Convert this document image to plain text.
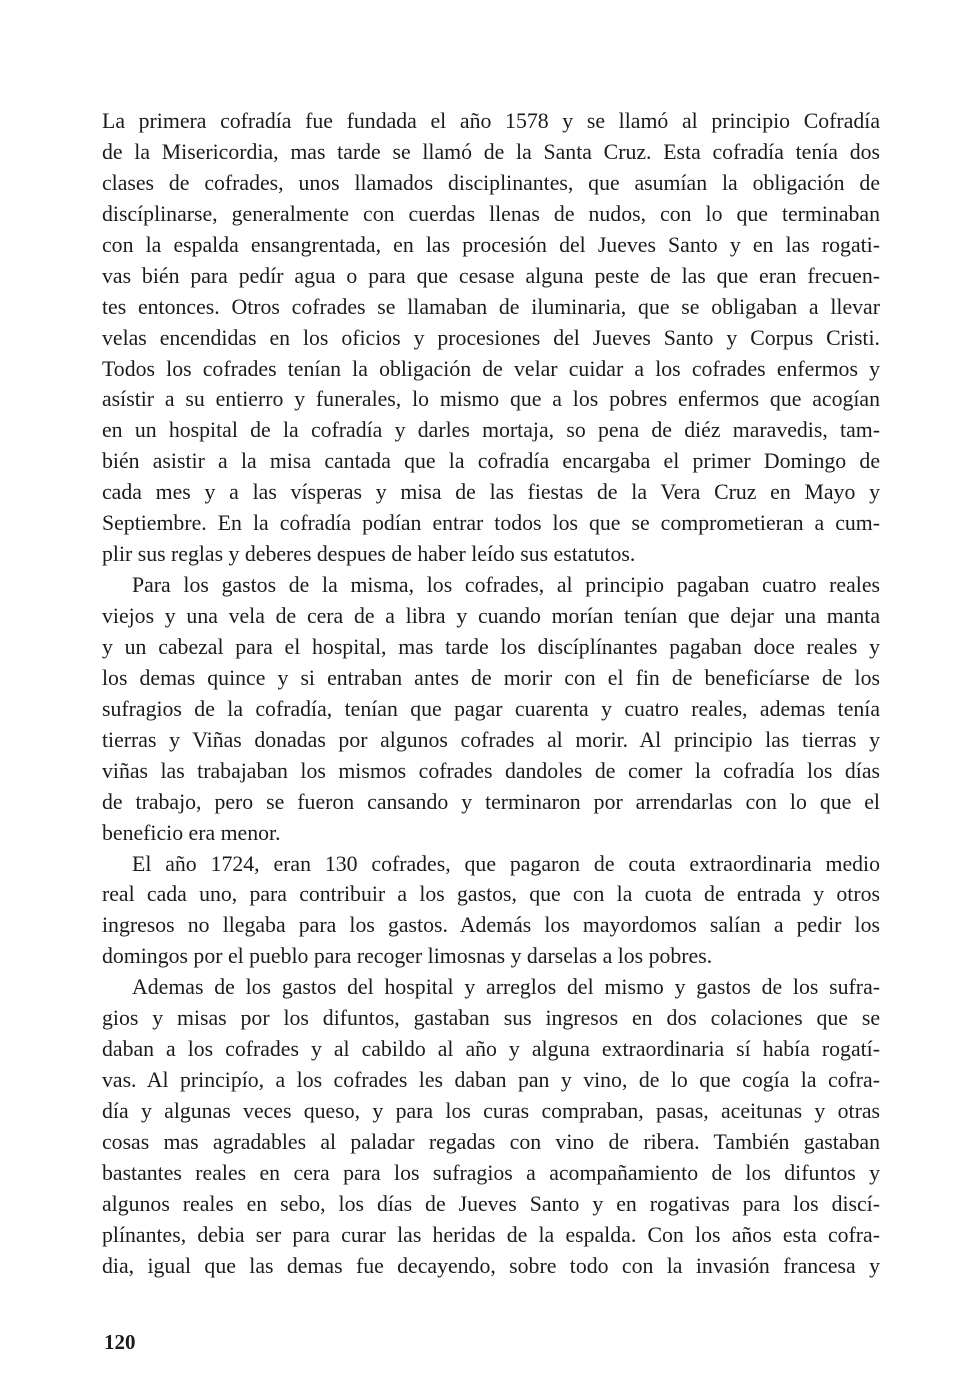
La primera cofradía fue fundada el año 1578 y se llamó al principio Cofradía
de la Misericordia, mas tarde se llamó de la Santa Cruz. Esta cofradía tenía dos
clases de cofrades, unos llamados disciplinantes, que asumían la obligación de
discíplinarse, generalmente con cuerdas llenas de nudos, con lo que terminaban
con la espalda ensangrentada, en las procesión del Jueves Santo y en las rogati-
vas bién para pedír agua o para que cesase alguna peste de las que eran frecuen-
tes entonces. Otros cofrades se llamaban de iluminaria, que se obligaban a llevar
velas encendidas en los oficios y procesiones del Jueves Santo y Corpus Cristi.
Todos los cofrades tenían la obligación de velar cuidar a los cofrades enfermos y
asístir a su entierro y funerales, lo mismo que a los pobres enfermos que acogían
en un hospital de la cofradía y darles mortaja, so pena de diéz maravedis, tam-
bién asistir a la misa cantada que la cofradía encargaba el primer Domingo de
cada mes y a las vísperas y misa de las fiestas de la Vera Cruz en Mayo y
Septiembre. En la cofradía podían entrar todos los que se comprometieran a cum-
plir sus reglas y deberes despues de haber leído sus estatutos.
Para los gastos de la misma, los cofrades, al principio pagaban cuatro reales
viejos y una vela de cera de a libra y cuando morían tenían que dejar una manta
y un cabezal para el hospital, mas tarde los discíplínantes pagaban doce reales y
los demas quince y si entraban antes de morir con el fin de beneficíarse de los
sufragios de la cofradía, tenían que pagar cuarenta y cuatro reales, ademas tenía
tierras y Viñas donadas por algunos cofrades al morir. Al principio las tierras y
viñas las trabajaban los mismos cofrades dandoles de comer la cofradía los días
de trabajo, pero se fueron cansando y terminaron por arrendarlas con lo que el
beneficio era menor.
El año 1724, eran 130 cofrades, que pagaron de couta extraordinaria medio
real cada uno, para contribuir a los gastos, que con la cuota de entrada y otros
ingresos no llegaba para los gastos. Además los mayordomos salían a pedir los
domingos por el pueblo para recoger limosnas y darselas a los pobres.
Ademas de los gastos del hospital y arreglos del mismo y gastos de los sufra-
gios y misas por los difuntos, gastaban sus ingresos en dos colaciones que se
daban a los cofrades y al cabildo al año y alguna extraordinaria sí había rogatí-
vas. Al principío, a los cofrades les daban pan y vino, de lo que cogía la cofra-
día y algunas veces queso, y para los curas compraban, pasas, aceitunas y otras
cosas mas agradables al paladar regadas con vino de ribera. También gastaban
bastantes reales en cera para los sufragios a acompañamiento de los difuntos y
algunos reales en sebo, los días de Jueves Santo y en rogativas para los discí-
plínantes, debia ser para curar las heridas de la espalda. Con los años esta cofra-
dia, igual que las demas fue decayendo, sobre todo con la invasión francesa y
120
